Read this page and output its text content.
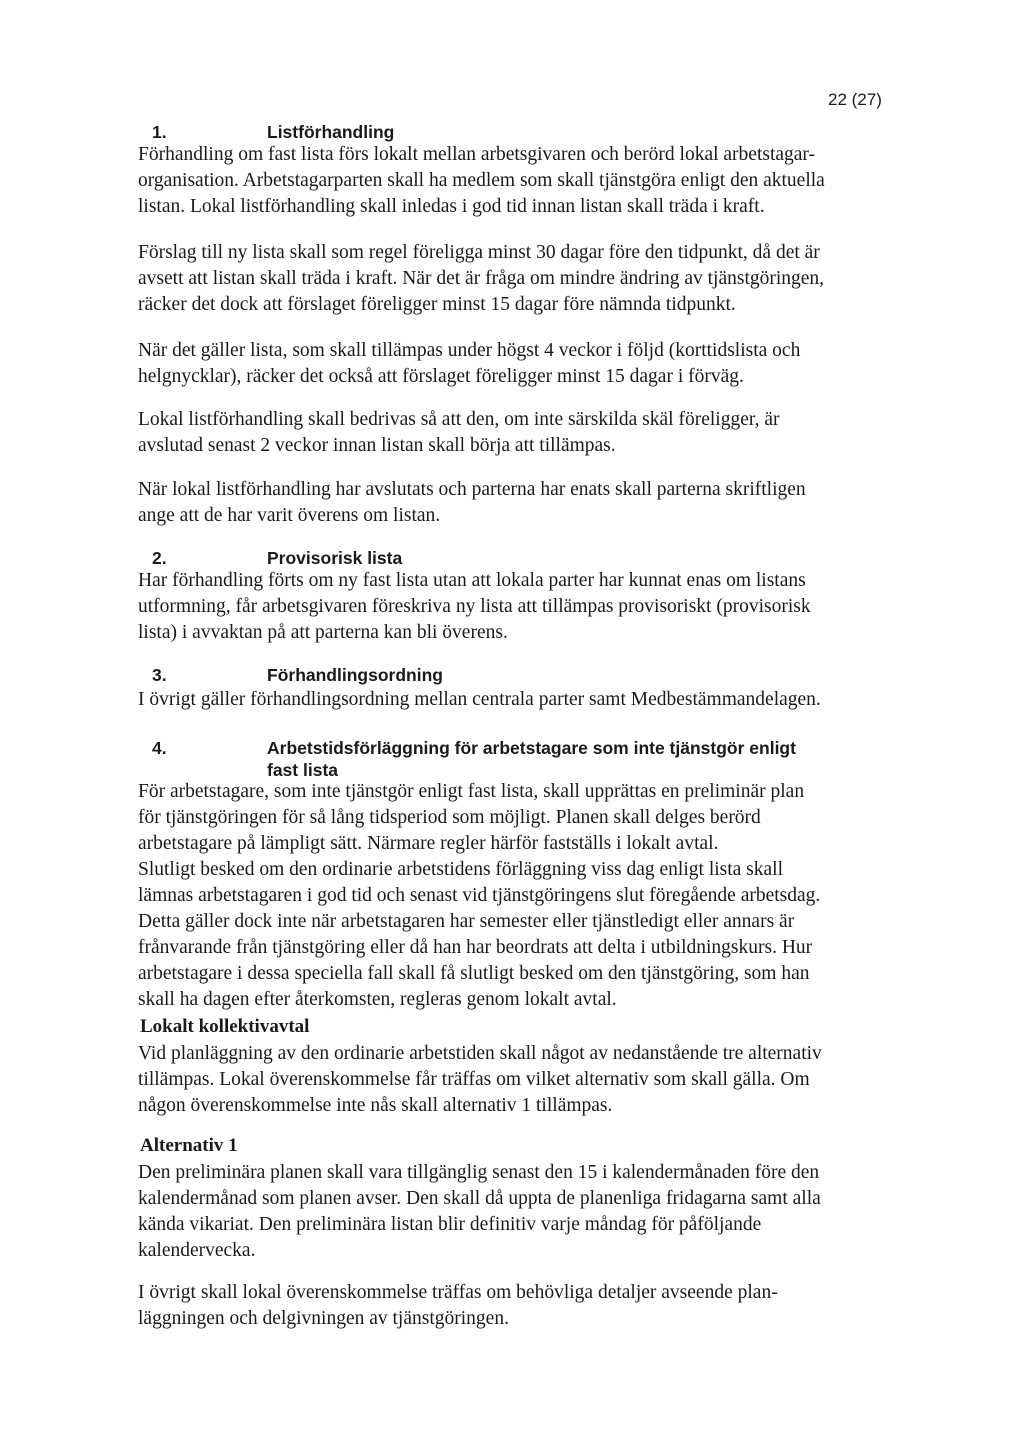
22 (27)
1.	Listförhandling
Förhandling om fast lista förs lokalt mellan arbetsgivaren och berörd lokal arbetstagar-
organisation. Arbetstagarparten skall ha medlem som skall tjänstgöra enligt den aktuella
listan. Lokal listförhandling skall inledas i god tid innan listan skall träda i kraft.
Förslag till ny lista skall som regel föreligga minst 30 dagar före den tidpunkt, då det är
avsett att listan skall träda i kraft. När det är fråga om mindre ändring av tjänstgöringen,
räcker det dock att förslaget föreligger minst 15 dagar före nämnda tidpunkt.
När det gäller lista, som skall tillämpas under högst 4 veckor i följd (korttidslista och
helgnycklar), räcker det också att förslaget föreligger minst 15 dagar i förväg.
Lokal listförhandling skall bedrivas så att den, om inte särskilda skäl föreligger, är
avslutad senast 2 veckor innan listan skall börja att tillämpas.
När lokal listförhandling har avslutats och parterna har enats skall parterna skriftligen
ange att de har varit överens om listan.
2.	Provisorisk lista
Har förhandling förts om ny fast lista utan att lokala parter har kunnat enas om listans
utformning, får arbetsgivaren föreskriva ny lista att tillämpas provisoriskt (provisorisk
lista) i avvaktan på att parterna kan bli överens.
3.	Förhandlingsordning
I övrigt gäller förhandlingsordning mellan centrala parter samt Medbestämmandelagen.
4.	Arbetstidsförläggning för arbetstagare som inte tjänstgör enligt
fast lista
För arbetstagare, som inte tjänstgör enligt fast lista, skall upprättas en preliminär plan
för tjänstgöringen för så lång tidsperiod som möjligt. Planen skall delges berörd
arbetstagare på lämpligt sätt. Närmare regler härför fastställs i lokalt avtal.
Slutligt besked om den ordinarie arbetstidens förläggning viss dag enligt lista skall
lämnas arbetstagaren i god tid och senast vid tjänstgöringens slut föregående arbetsdag.
Detta gäller dock inte när arbetstagaren har semester eller tjänstledigt eller annars är
frånvarande från tjänstgöring eller då han har beordrats att delta i utbildningskurs. Hur
arbetstagare i dessa speciella fall skall få slutligt besked om den tjänstgöring, som han
skall ha dagen efter återkomsten, regleras genom lokalt avtal.
Lokalt kollektivavtal
Vid planläggning av den ordinarie arbetstiden skall något av nedanstående tre alternativ
tillämpas. Lokal överenskommelse får träffas om vilket alternativ som skall gälla. Om
någon överenskommelse inte nås skall alternativ 1 tillämpas.
Alternativ 1
Den preliminära planen skall vara tillgänglig senast den 15 i kalendermånaden före den
kalendermånad som planen avser. Den skall då uppta de planenliga fridagarna samt alla
kända vikariat. Den preliminära listan blir definitiv varje måndag för påföljande
kalendervecka.
I övrigt skall lokal överenskommelse träffas om behövliga detaljer avseende plan-
läggningen och delgivningen av tjänstgöringen.
